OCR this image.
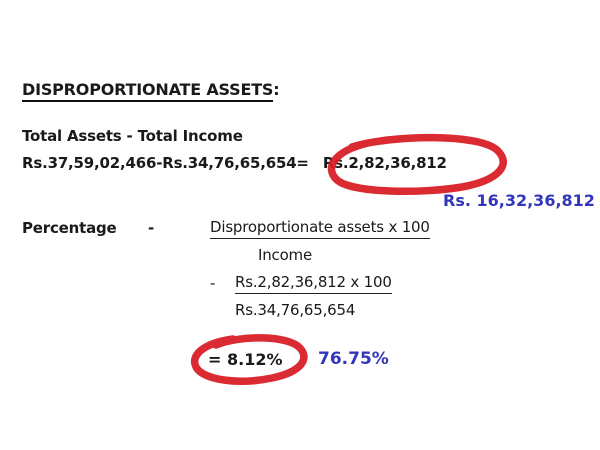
DISPROPORTIONATE ASSETS:
Total Assets - Total Income
Rs.37,59,02,466-Rs.34,76,65,654= Rs.2,82,36,812
Rs. 16,32,36,812
Percentage -	Disproportionate assets x 100
Income
- Rs.2,82,36,812 x 100
Rs.34,76,65,654
= 8.12% 76.75%
